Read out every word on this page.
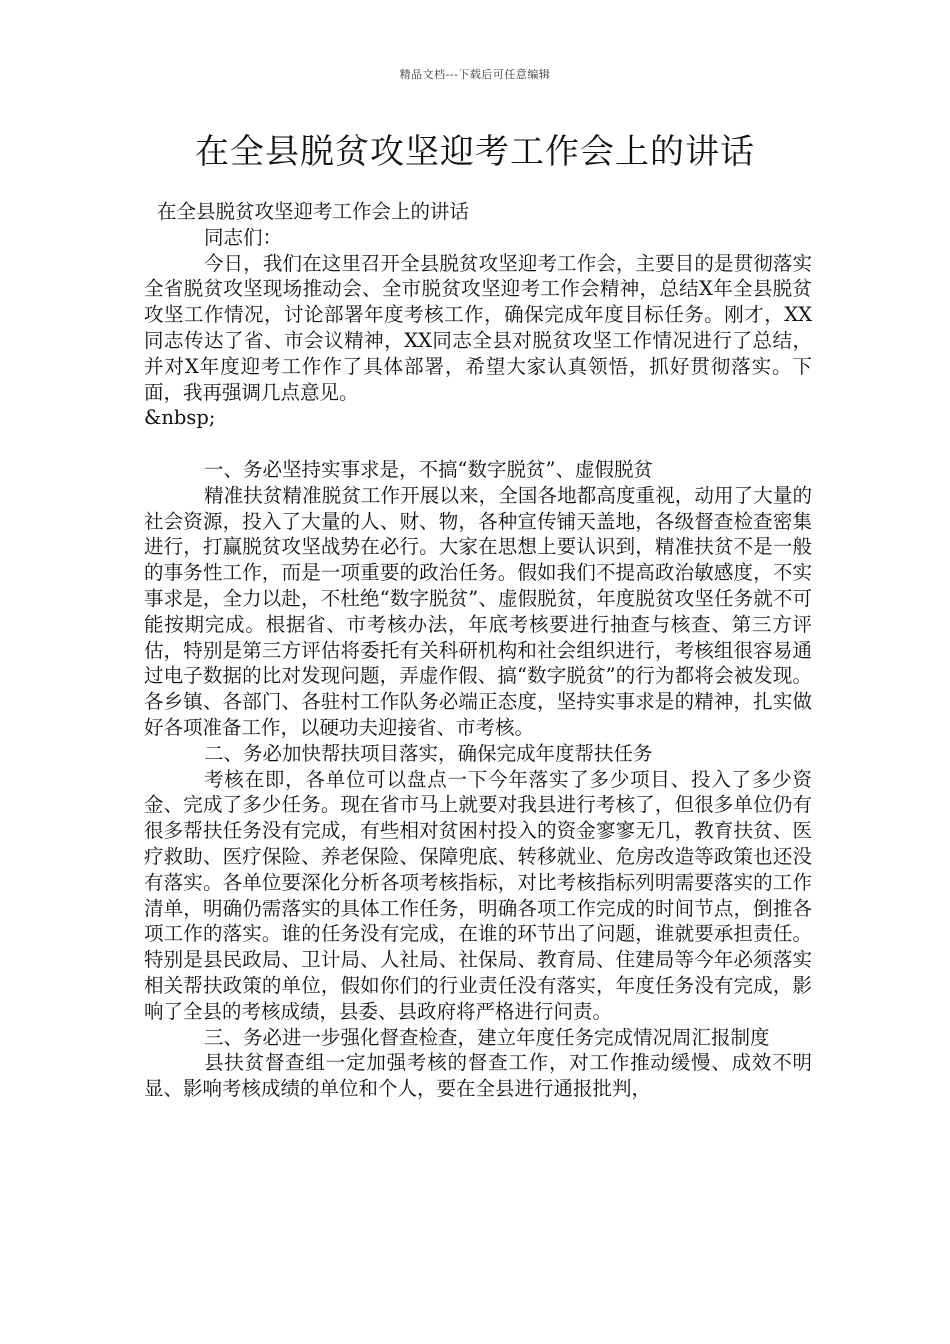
精品文档---下载后可任意编辑
在全县脱贫攻坚迎考工作会上的讲话
在全县脱贫攻坚迎考工作会上的讲话
同志们：
今日，我们在这里召开全县脱贫攻坚迎考工作会，主要目的是贯彻落实全省脱贫攻坚现场推动会、全市脱贫攻坚迎考工作会精神，总结X年全县脱贫攻坚工作情况，讨论部署年度考核工作，确保完成年度目标任务。刚才，XX同志传达了省、市会议精神，XX同志全县对脱贫攻坚工作情况进行了总结，并对X年度迎考工作作了具体部署，希望大家认真领悟，抓好贯彻落实。下面，我再强调几点意见。
&nbsp;
一、务必坚持实事求是，不搞“数字脱贫”、虚假脱贫
精准扶贫精准脱贫工作开展以来，全国各地都高度重视，动用了大量的社会资源，投入了大量的人、财、物，各种宣传铺天盖地，各级督查检查密集进行，打赢脱贫攻坚战势在必行。大家在思想上要认识到，精准扶贫不是一般的事务性工作，而是一项重要的政治任务。假如我们不提高政治敏感度，不实事求是，全力以赴，不杜绝“数字脱贫”、虚假脱贫，年度脱贫攻坚任务就不可能按期完成。根据省、市考核办法，年底考核要进行抽查与核查、第三方评估，特别是第三方评估将委托有关科研机构和社会组织进行，考核组很容易通过电子数据的比对发现问题，弄虚作假、搞“数字脱贫”的行为都将会被发现。各乡镇、各部门、各驻村工作队务必端正态度，坚持实事求是的精神，扎实做好各项准备工作，以硬功夫迎接省、市考核。
二、务必加快帮扶项目落实，确保完成年度帮扶任务
考核在即，各单位可以盘点一下今年落实了多少项目、投入了多少资金、完成了多少任务。现在省市马上就要对我县进行考核了，但很多单位仍有很多帮扶任务没有完成，有些相对贫困村投入的资金寥寥无几，教育扶贫、医疗救助、医疗保险、养老保险、保障兜底、转移就业、危房改造等政策也还没有落实。各单位要深化分析各项考核指标，对比考核指标列明需要落实的工作清单，明确仍需落实的具体工作任务，明确各项工作完成的时间节点，倒推各项工作的落实。谁的任务没有完成，在谁的环节出了问题，谁就要承担责任。特别是县民政局、卫计局、人社局、社保局、教育局、住建局等今年必须落实相关帮扶政策的单位，假如你们的行业责任没有落实，年度任务没有完成，影响了全县的考核成绩，县委、县政府将严格进行问责。
三、务必进一步强化督查检查，建立年度任务完成情况周汇报制度
县扶贫督查组一定加强考核的督查工作，对工作推动缓慢、成效不明显、影响考核成绩的单位和个人，要在全县进行通报批判，
